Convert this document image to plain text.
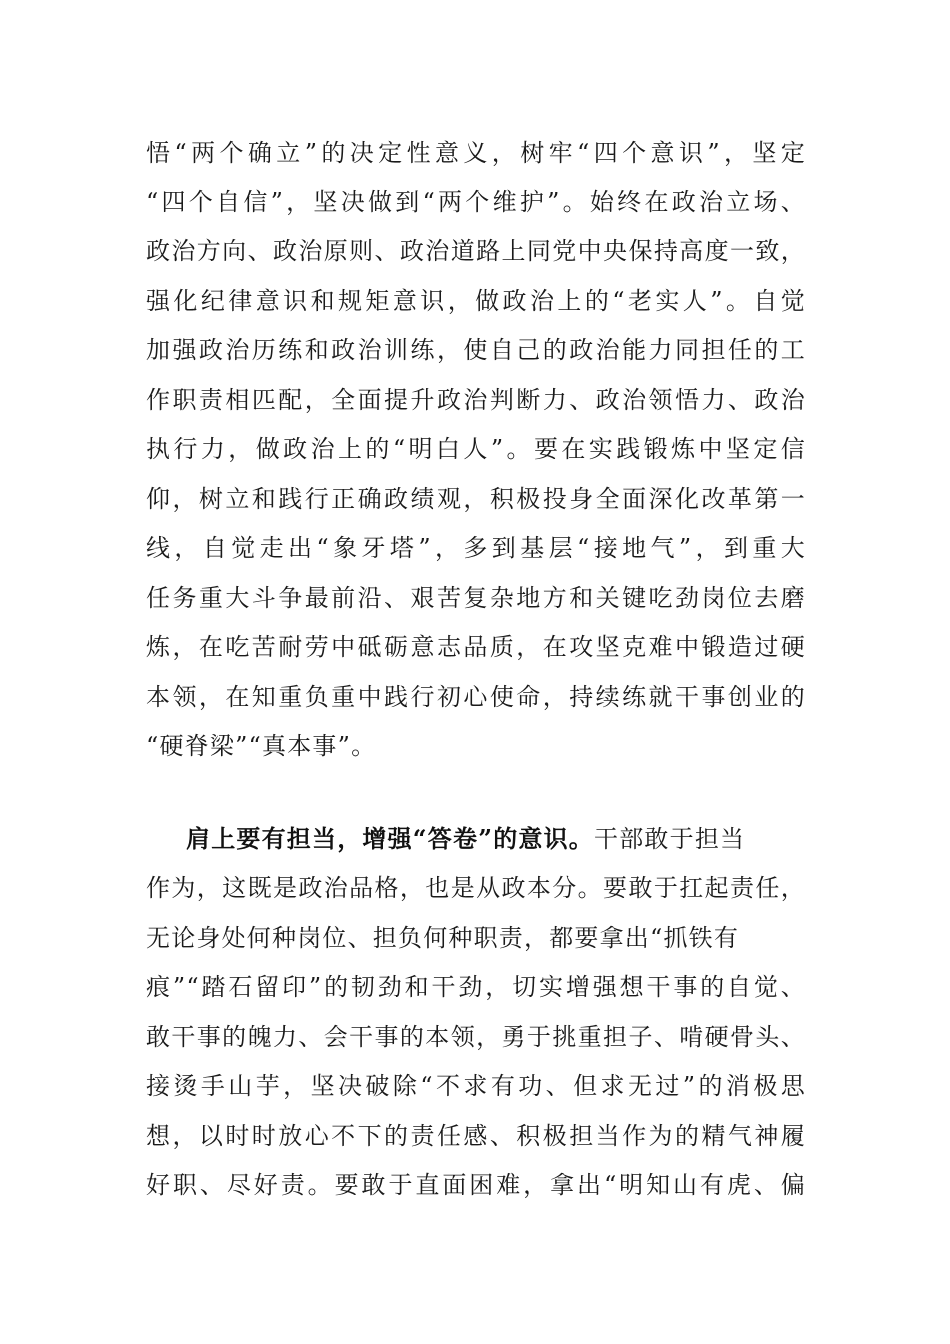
悟“两个确立”的决定性意义，树牢“四个意识”，坚定
“四个自信”，坚决做到“两个维护”。始终在政治立场、
政治方向、政治原则、政治道路上同党中央保持高度一致，
强化纪律意识和规矩意识，做政治上的“老实人”。自觉
加强政治历练和政治训练，使自己的政治能力同担任的工
作职责相匹配，全面提升政治判断力、政治领悟力、政治
执行力，做政治上的“明白人”。要在实践锻炼中坚定信
仰，树立和践行正确政绩观，积极投身全面深化改革第一
线，自觉走出“象牙塔”，多到基层“接地气”，到重大
任务重大斗争最前沿、艰苦复杂地方和关键吃劲岗位去磨
炼，在吃苦耐劳中砥砺意志品质，在攻坚克难中锻造过硬
本领，在知重负重中践行初心使命，持续练就干事创业的
“硬脊梁”“真本事”。
肩上要有担当，增强“答卷”的意识。干部敢于担当
作为，这既是政治品格，也是从政本分。要敢于扛起责任，
无论身处何种岗位、担负何种职责，都要拿出“抓铁有
痕”“踏石留印”的韧劲和干劲，切实增强想干事的自觉、
敢干事的魄力、会干事的本领，勇于挑重担子、啃硬骨头、
接烫手山芋，坚决破除“不求有功、但求无过”的消极思
想，以时时放心不下的责任感、积极担当作为的精气神履
好职、尽好责。要敢于直面困难，拿出“明知山有虎、偏
